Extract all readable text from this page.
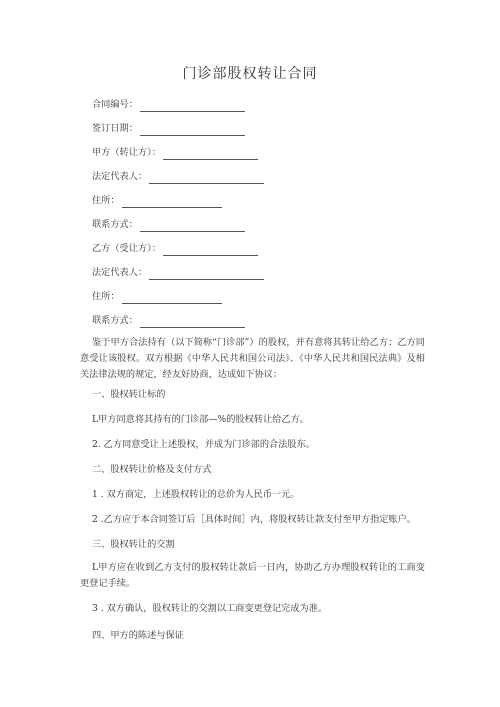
门诊部股权转让合同
合同编号：
签订日期：
甲方（转让方）：
法定代表人：
住所：
联系方式：
乙方（受让方）：
法定代表人：
住所：
联系方式：
鉴于甲方合法持有（以下简称“门诊部”）的股权，并有意将其转让给乙方；乙方同意受让该股权。双方根据《中华人民共和国公司法》、《中华人民共和国民法典》及相关法律法规的规定，经友好协商，达成如下协议：
一、股权转让标的
L甲方同意将其持有的门诊部—%的股权转让给乙方。
2. 乙方同意受让上述股权，并成为门诊部的合法股东。
二、股权转让价格及支付方式
1 . 双方商定，上述股权转让的总价为人民币一元。
2 .乙方应于本合同签订后［具体时间］内，将股权转让款支付至甲方指定账户。
三、股权转让的交割
L甲方应在收到乙方支付的股权转让款后一日内，协助乙方办理股权转让的工商变更登记手续。
3 . 双方确认，股权转让的交割以工商变更登记完成为准。
四、甲方的陈述与保证
